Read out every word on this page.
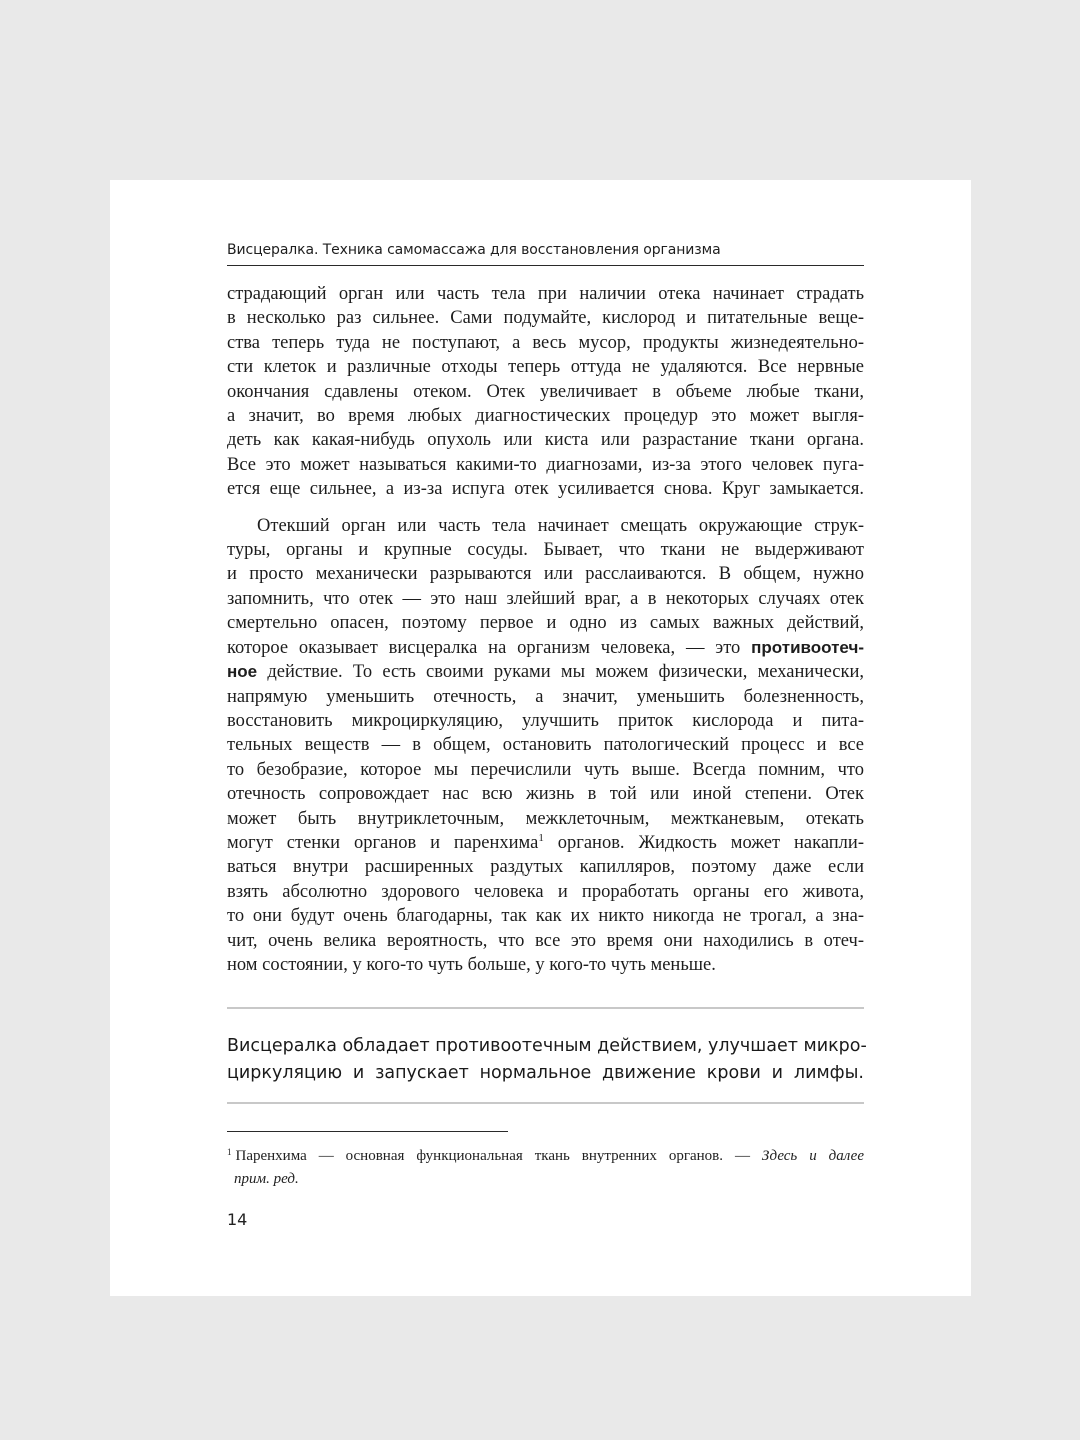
Висцералка. Техника самомассажа для восстановления организма
страдающий орган или часть тела при наличии отека начинает страдать
в несколько раз сильнее. Сами подумайте, кислород и питательные веще-
ства теперь туда не поступают, а весь мусор, продукты жизнедеятельно-
сти клеток и различные отходы теперь оттуда не удаляются. Все нервные
окончания сдавлены отеком. Отек увеличивает в объеме любые ткани,
а значит, во время любых диагностических процедур это может выгля-
деть как какая-нибудь опухоль или киста или разрастание ткани органа.
Все это может называться какими-то диагнозами, из-за этого человек пуга-
ется еще сильнее, а из-за испуга отек усиливается снова. Круг замыкается.
Отекший орган или часть тела начинает смещать окружающие струк-
туры, органы и крупные сосуды. Бывает, что ткани не выдерживают
и просто механически разрываются или расслаиваются. В общем, нужно
запомнить, что отек — это наш злейший враг, а в некоторых случаях отек
смертельно опасен, поэтому первое и одно из самых важных действий,
которое оказывает висцералка на организм человека, — это противоотеч-
ное действие. То есть своими руками мы можем физически, механически,
напрямую уменьшить отечность, а значит, уменьшить болезненность,
восстановить микроциркуляцию, улучшить приток кислорода и пита-
тельных веществ — в общем, остановить патологический процесс и все
то безобразие, которое мы перечислили чуть выше. Всегда помним, что
отечность сопровождает нас всю жизнь в той или иной степени. Отек
может быть внутриклеточным, межклеточным, межтканевым, отекать
могут стенки органов и паренхима$^1$ органов. Жидкость может накапли-
ваться внутри расширенных раздутых капилляров, поэтому даже если
взять абсолютно здорового человека и проработать органы его живота,
то они будут очень благодарны, так как их никто никогда не трогал, а зна-
чит, очень велика вероятность, что все это время они находились в отеч-
ном состоянии, у кого-то чуть больше, у кого-то чуть меньше.
Висцералка обладает противоотечным действием, улучшает микро-
циркуляцию и запускает нормальное движение крови и лимфы.
$^1$ Паренхима — основная функциональная ткань внутренних органов. — Здесь и далее
прим. ред.
14
